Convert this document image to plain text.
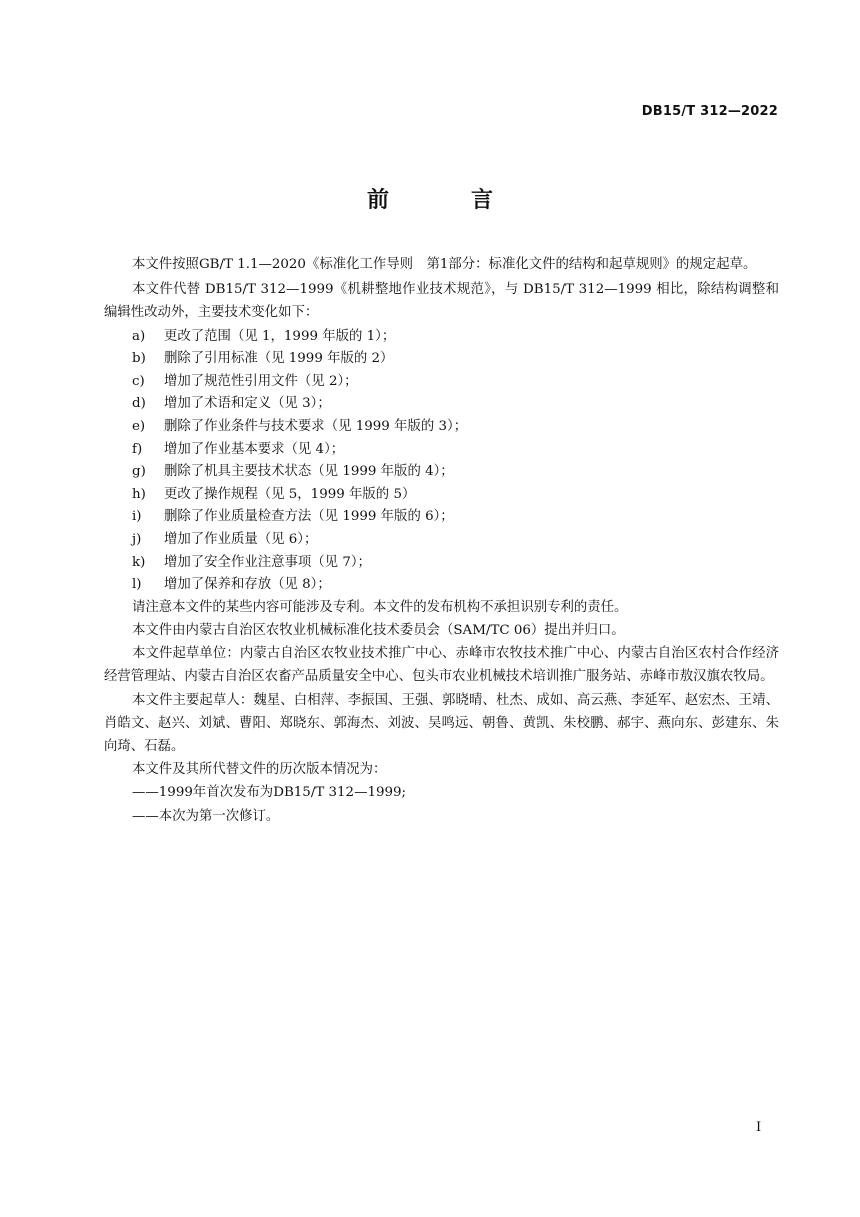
DB15/T 312—2022
前　言

本文件按照GB/T 1.1—2020《标准化工作导则　第1部分：标准化文件的结构和起草规则》的规定起草。

本文件代替 DB15/T 312—1999《机耕整地作业技术规范》，与 DB15/T 312—1999 相比，除结构调整和编辑性改动外，主要技术变化如下：

a) 更改了范围（见 1，1999 年版的 1）；
b) 删除了引用标准（见 1999 年版的 2）
c) 增加了规范性引用文件（见 2）；
d) 增加了术语和定义（见 3）；
e) 删除了作业条件与技术要求（见 1999 年版的 3）；
f) 增加了作业基本要求（见 4）；
g) 删除了机具主要技术状态（见 1999 年版的 4）；
h) 更改了操作规程（见 5，1999 年版的 5）
i) 删除了作业质量检查方法（见 1999 年版的 6）；
j) 增加了作业质量（见 6）；
k) 增加了安全作业注意事项（见 7）；
l) 增加了保养和存放（见 8）；

请注意本文件的某些内容可能涉及专利。本文件的发布机构不承担识别专利的责任。

本文件由内蒙古自治区农牧业机械标准化技术委员会（SAM/TC 06）提出并归口。

本文件起草单位：内蒙古自治区农牧业技术推广中心、赤峰市农牧技术推广中心、内蒙古自治区农村合作经济经营管理站、内蒙古自治区农畜产品质量安全中心、包头市农业机械技术培训推广服务站、赤峰市敖汉旗农牧局。

本文件主要起草人：魏星、白相萍、李振国、王强、郭晓晴、杜杰、成如、高云燕、李延军、赵宏杰、王靖、肖皓文、赵兴、刘斌、曹阳、郑晓东、郭海杰、刘波、吴鸣远、朝鲁、黄凯、朱校鹏、郝宇、燕向东、彭建东、朱向琦、石磊。

本文件及其所代替文件的历次版本情况为：

——1999年首次发布为DB15/T 312—1999;

——本次为第一次修订。

I
